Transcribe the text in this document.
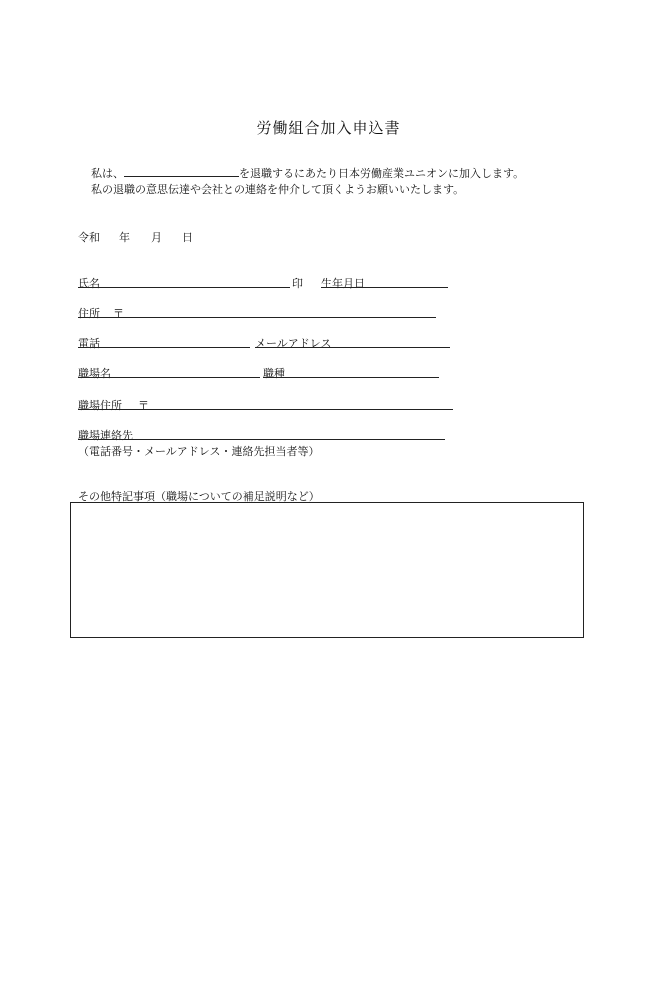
労働組合加入申込書
私は、	を退職するにあたり日本労働産業ユニオンに加入します。
私の退職の意思伝達や会社との連絡を仲介して頂くようお願いいたします。
令和 年 月 日
氏名	印 生年月日
住所 〒
電話	メールアドレス
職場名	職種
職場住所 〒
職場連絡先
（電話番号・メールアドレス・連絡先担当者等）
その他特記事項（職場についての補足説明など）
